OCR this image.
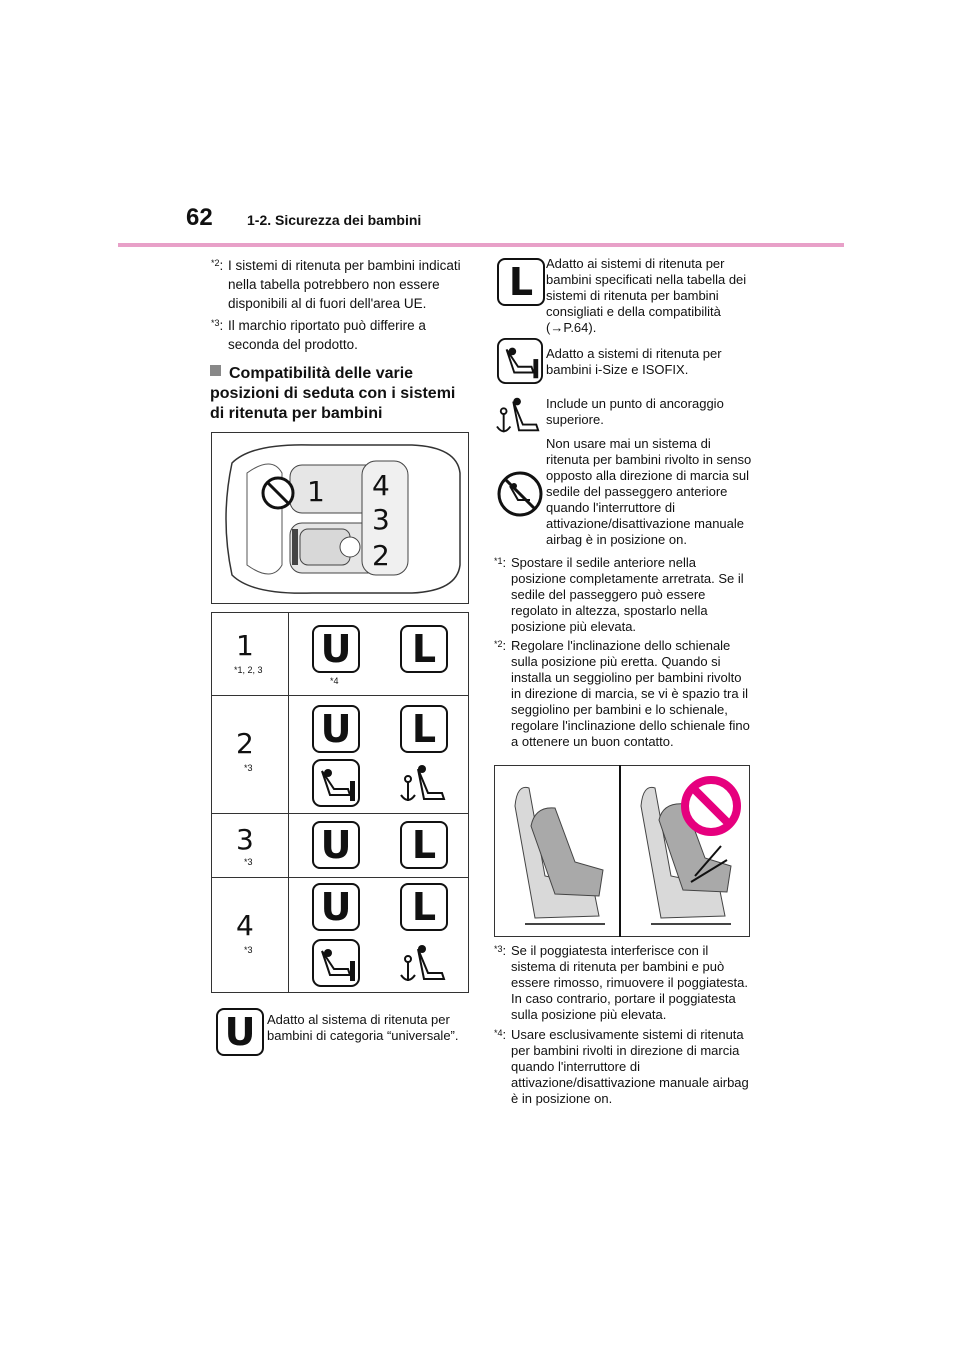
62 1-2. Sicurezza dei bambini
$^{*2}$: I sistemi di ritenuta per bambini indicati nella tabella potrebbero non essere disponibili al di fuori dell'area UE.
$^{*3}$: Il marchio riportato può differire a seconda del prodotto.
Compatibilità delle varie posizioni di seduta con i sistemi di ritenuta per bambini
1 4
3
2
1
*1, 2, 3 U
*4
L
2
*3
U L
3
*3 U L
4
*3
U L
U Adatto al sistema di ritenuta per bambini di categoria “universale”.
L Adatto ai sistemi di ritenuta per bambini specificati nella tabella dei sistemi di ritenuta per bambini consigliati e della compatibilità (→P.64).
Adatto a sistemi di ritenuta per bambini i-Size e ISOFIX.
Include un punto di ancoraggio superiore.
Non usare mai un sistema di ritenuta per bambini rivolto in senso opposto alla direzione di marcia sul sedile del passeggero anteriore quando l'interruttore di attivazione/disattivazione manuale airbag è in posizione on.
$^{*1}$: Spostare il sedile anteriore nella posizione completamente arretrata. Se il sedile del passeggero può essere regolato in altezza, spostarlo nella posizione più elevata.
$^{*2}$: Regolare l'inclinazione dello schienale sulla posizione più eretta. Quando si installa un seggiolino per bambini rivolto in direzione di marcia, se vi è spazio tra il seggiolino per bambini e lo schienale, regolare l'inclinazione dello schienale fino a ottenere un buon contatto.
$^{*3}$: Se il poggiatesta interferisce con il sistema di ritenuta per bambini e può essere rimosso, rimuovere il poggiatesta. In caso contrario, portare il poggiatesta sulla posizione più elevata.
$^{*4}$: Usare esclusivamente sistemi di ritenuta per bambini rivolti in direzione di marcia quando l'interruttore di attivazione/disattivazione manuale airbag è in posizione on.
